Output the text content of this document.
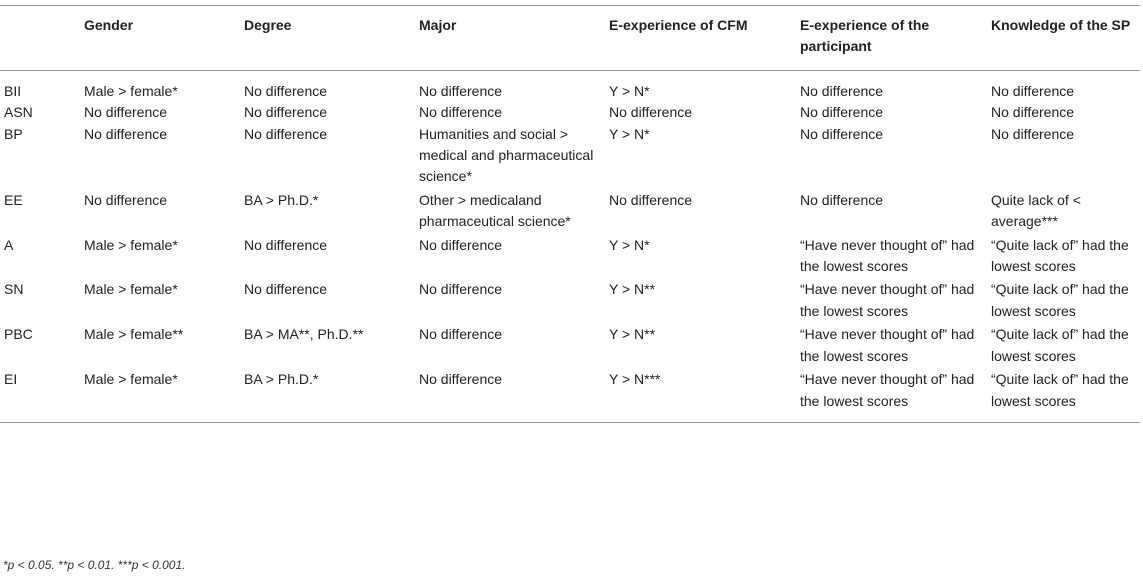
	Gender	Degree	Major	E-experience of CFM	E-experience of the participant	Knowledge of the SP
BII	Male > female*	No difference	No difference	Y > N*	No difference	No difference
ASN	No difference	No difference	No difference	No difference	No difference	No difference
BP	No difference	No difference	Humanities and social > medical and pharmaceutical science*	Y > N*	No difference	No difference
EE	No difference	BA > Ph.D.*	Other > medicaland pharmaceutical science*	No difference	No difference	Quite lack of < average***
A	Male > female*	No difference	No difference	Y > N*	“Have never thought of” had the lowest scores	“Quite lack of” had the lowest scores
SN	Male > female*	No difference	No difference	Y > N**	“Have never thought of” had the lowest scores	“Quite lack of” had the lowest scores
PBC	Male > female**	BA > MA**, Ph.D.**	No difference	Y > N**	“Have never thought of” had the lowest scores	“Quite lack of” had the lowest scores
EI	Male > female*	BA > Ph.D.*	No difference	Y > N***	“Have never thought of” had the lowest scores	“Quite lack of” had the lowest scores
*p < 0.05. **p < 0.01. ***p < 0.001.
